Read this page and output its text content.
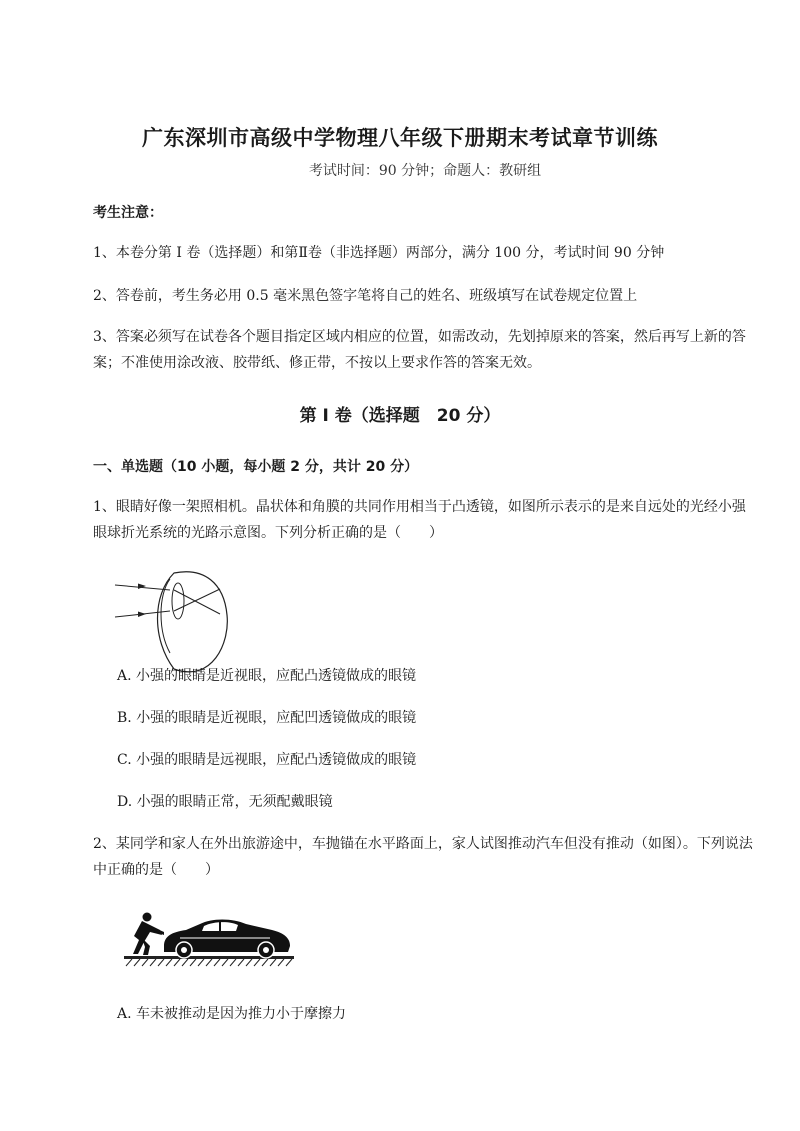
广东深圳市高级中学物理八年级下册期末考试章节训练
考试时间：90 分钟；命题人：教研组
考生注意：
1、本卷分第 I 卷（选择题）和第Ⅱ卷（非选择题）两部分，满分 100 分，考试时间 90 分钟
2、答卷前，考生务必用 0.5 毫米黑色签字笔将自己的姓名、班级填写在试卷规定位置上
3、答案必须写在试卷各个题目指定区域内相应的位置，如需改动，先划掉原来的答案，然后再写上新的答案；不准使用涂改液、胶带纸、修正带，不按以上要求作答的答案无效。
第 I 卷（选择题　20 分）
一、单选题（10 小题，每小题 2 分，共计 20 分）
1、眼睛好像一架照相机。晶状体和角膜的共同作用相当于凸透镜，如图所示表示的是来自远处的光经小强眼球折光系统的光路示意图。下列分析正确的是（　　）
A. 小强的眼睛是近视眼，应配凸透镜做成的眼镜
B. 小强的眼睛是近视眼，应配凹透镜做成的眼镜
C. 小强的眼睛是远视眼，应配凸透镜做成的眼镜
D. 小强的眼睛正常，无须配戴眼镜
2、某同学和家人在外出旅游途中，车抛锚在水平路面上，家人试图推动汽车但没有推动（如图）。下列说法中正确的是（　　）
A. 车未被推动是因为推力小于摩擦力
